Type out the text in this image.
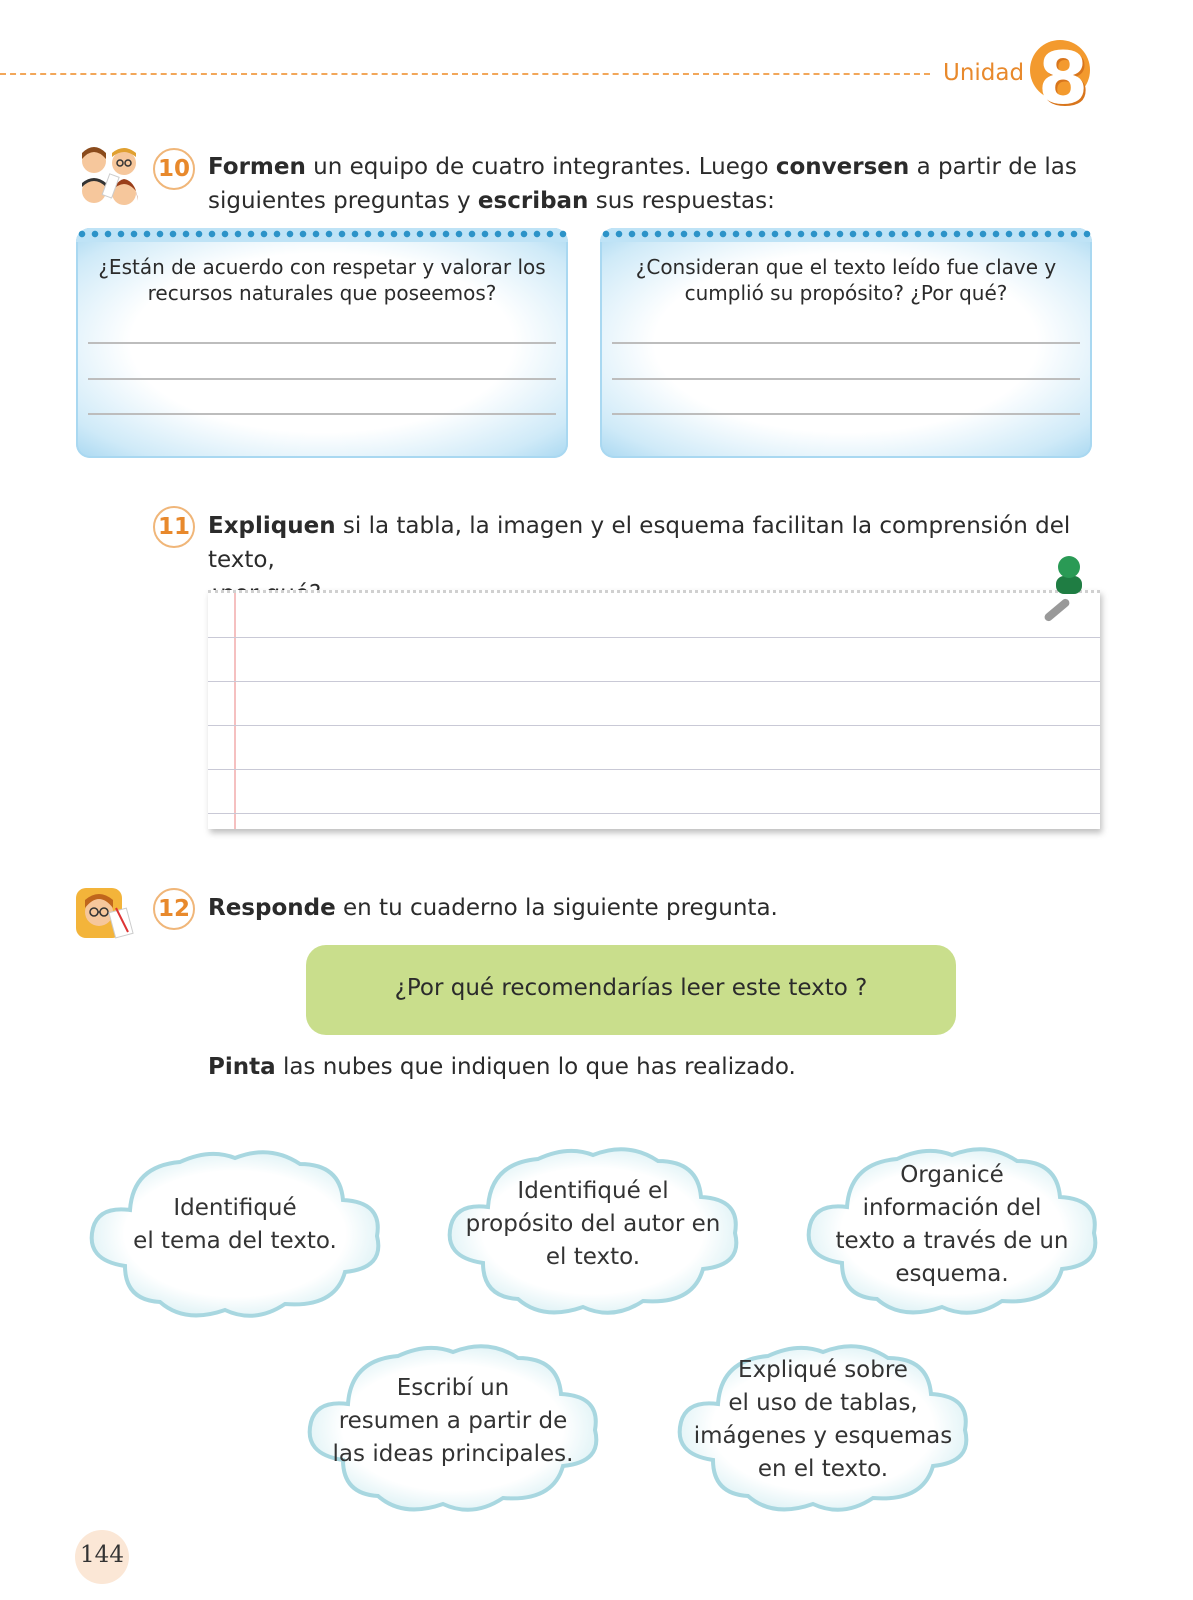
Unidad 8
10 Formen un equipo de cuatro integrantes. Luego conversen a partir de las
siguientes preguntas y escriban sus respuestas:
¿Están de acuerdo con respetar y valorar los recursos naturales que poseemos?
¿Consideran que el texto leído fue clave y cumplió su propósito? ¿Por qué?
11 Expliquen si la tabla, la imagen y el esquema facilitan la comprensión del texto,
12 Responde en tu cuaderno la siguiente pregunta.
¿Por qué recomendarías leer este texto ?
Pinta las nubes que indiquen lo que has realizado.
Identifiqué
el tema del texto.
Identifiqué el
propósito del autor en
el texto.
Organicé
información del
texto a través de un
esquema.
Escribí un
resumen a partir de
las ideas principales.
Expliqué sobre
el uso de tablas,
imágenes y esquemas
en el texto.
144
